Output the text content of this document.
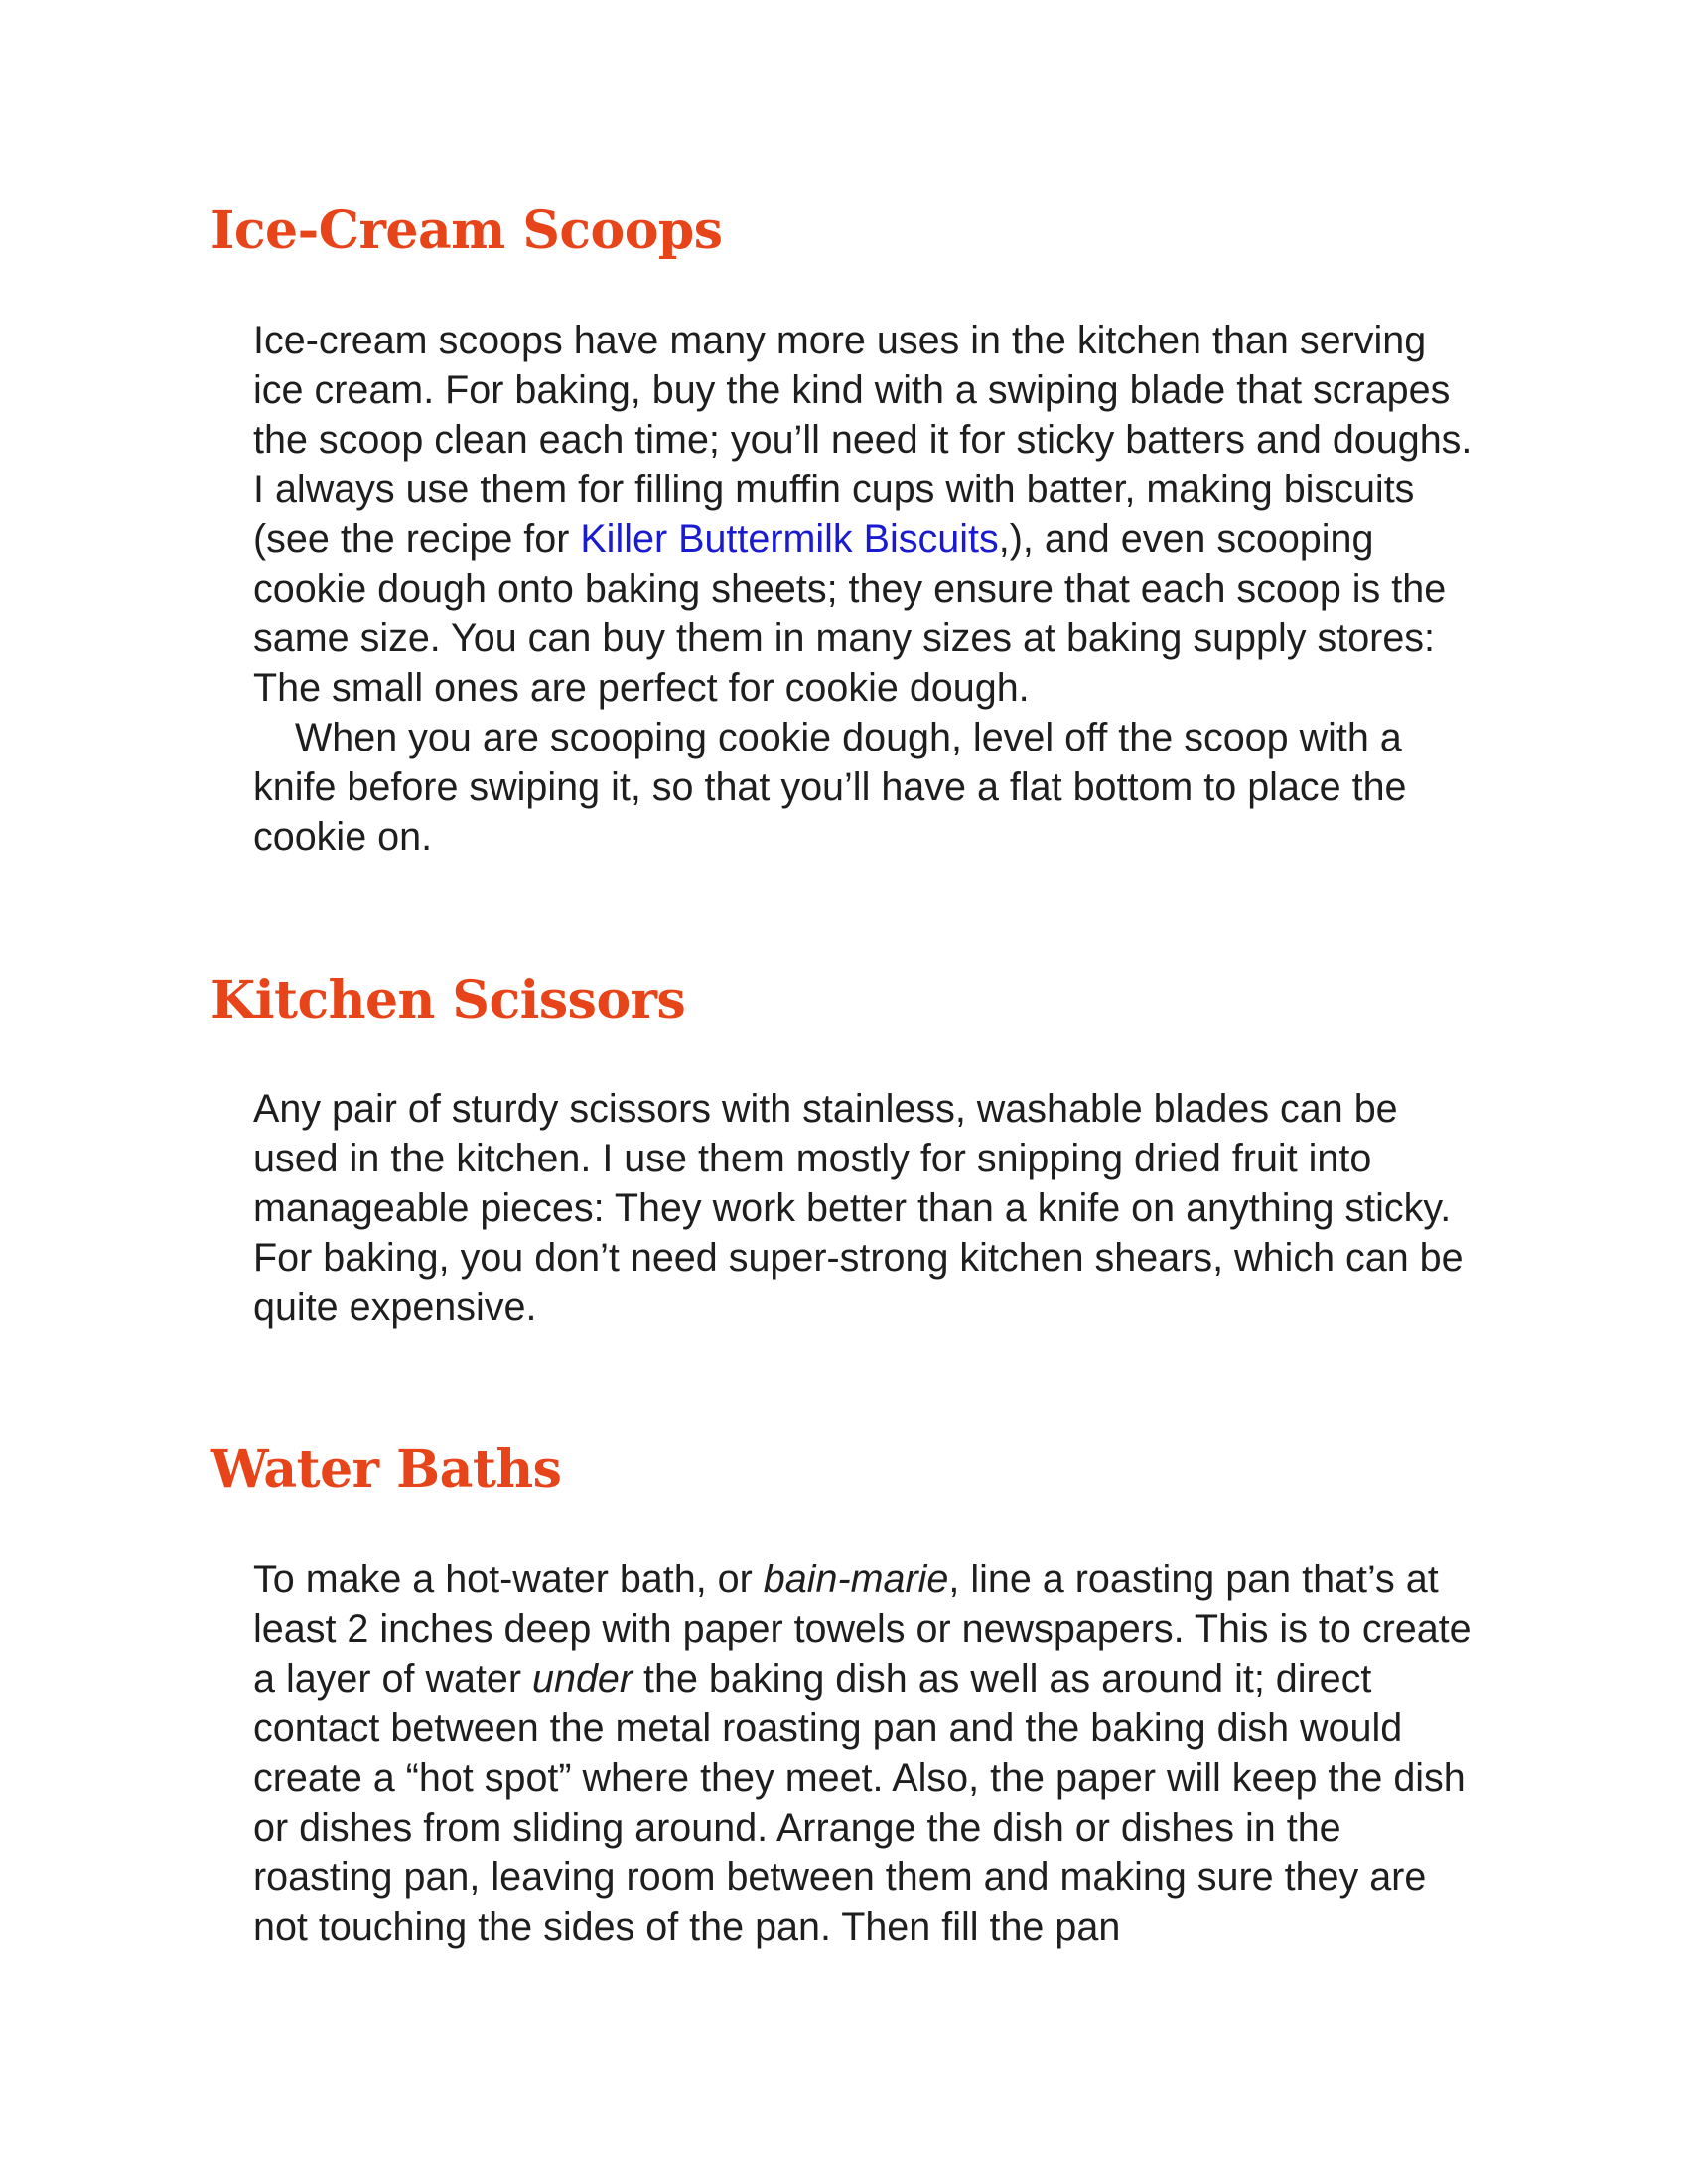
Ice-Cream Scoops

Ice-cream scoops have many more uses in the kitchen than serving ice cream. For baking, buy the kind with a swiping blade that scrapes the scoop clean each time; you’ll need it for sticky batters and doughs. I always use them for filling muffin cups with batter, making biscuits (see the recipe for Killer Buttermilk Biscuits,), and even scooping cookie dough onto baking sheets; they ensure that each scoop is the same size. You can buy them in many sizes at baking supply stores: The small ones are perfect for cookie dough.

When you are scooping cookie dough, level off the scoop with a knife before swiping it, so that you’ll have a flat bottom to place the cookie on.

Kitchen Scissors

Any pair of sturdy scissors with stainless, washable blades can be used in the kitchen. I use them mostly for snipping dried fruit into manageable pieces: They work better than a knife on anything sticky. For baking, you don’t need super-strong kitchen shears, which can be quite expensive.

Water Baths

To make a hot-water bath, or bain-marie, line a roasting pan that’s at least 2 inches deep with paper towels or newspapers. This is to create a layer of water under the baking dish as well as around it; direct contact between the metal roasting pan and the baking dish would create a “hot spot” where they meet. Also, the paper will keep the dish or dishes from sliding around. Arrange the dish or dishes in the roasting pan, leaving room between them and making sure they are not touching the sides of the pan. Then fill the pan
